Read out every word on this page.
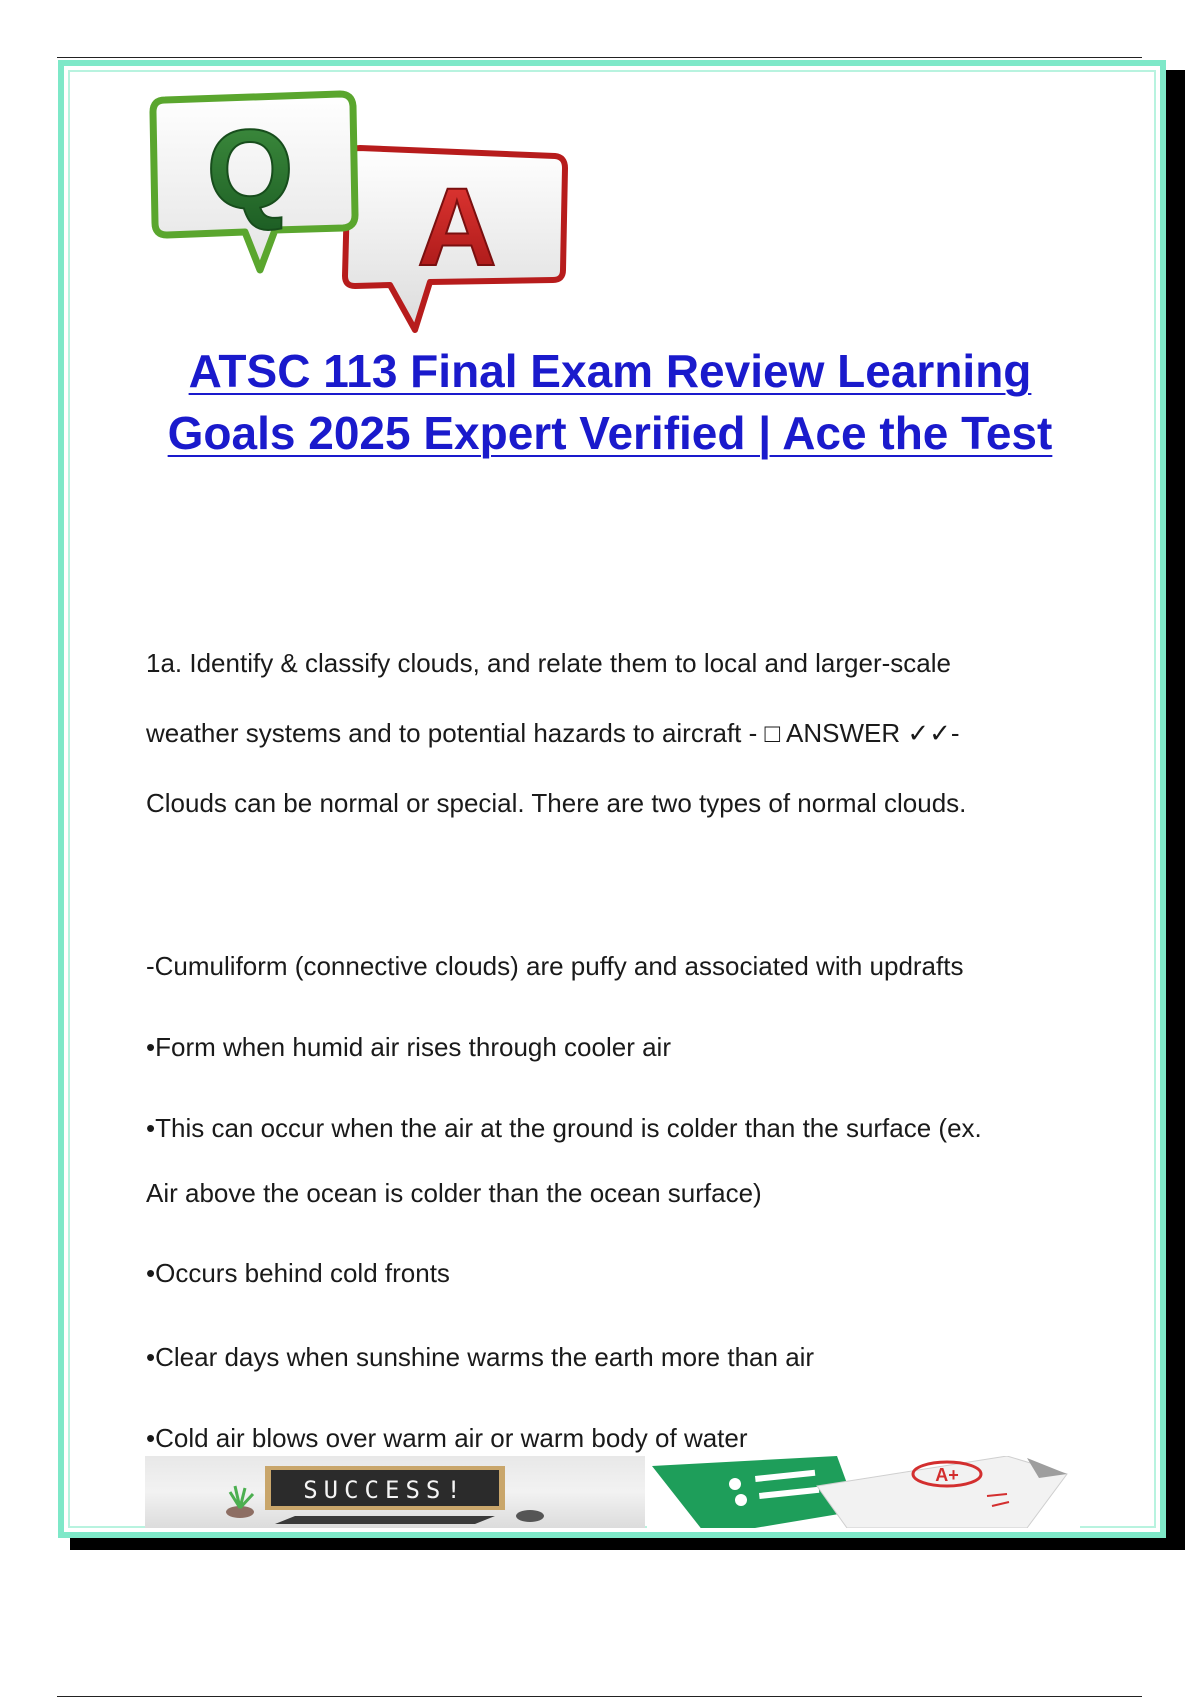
A
Q
ATSC 113 Final Exam Review Learning
Goals 2025 Expert Verified | Ace the Test

1a. Identify & classify clouds, and relate them to local and larger-scale

weather systems and to potential hazards to aircraft - □ ANSWER ✓✓-

Clouds can be normal or special. There are two types of normal clouds.

-Cumuliform (connective clouds) are puffy and associated with updrafts

•Form when humid air rises through cooler air

•This can occur when the air at the ground is colder than the surface (ex.

Air above the ocean is colder than the ocean surface)

•Occurs behind cold fronts

•Clear days when sunshine warms the earth more than air

•Cold air blows over warm air or warm body of water

SUCCESS!
A+
